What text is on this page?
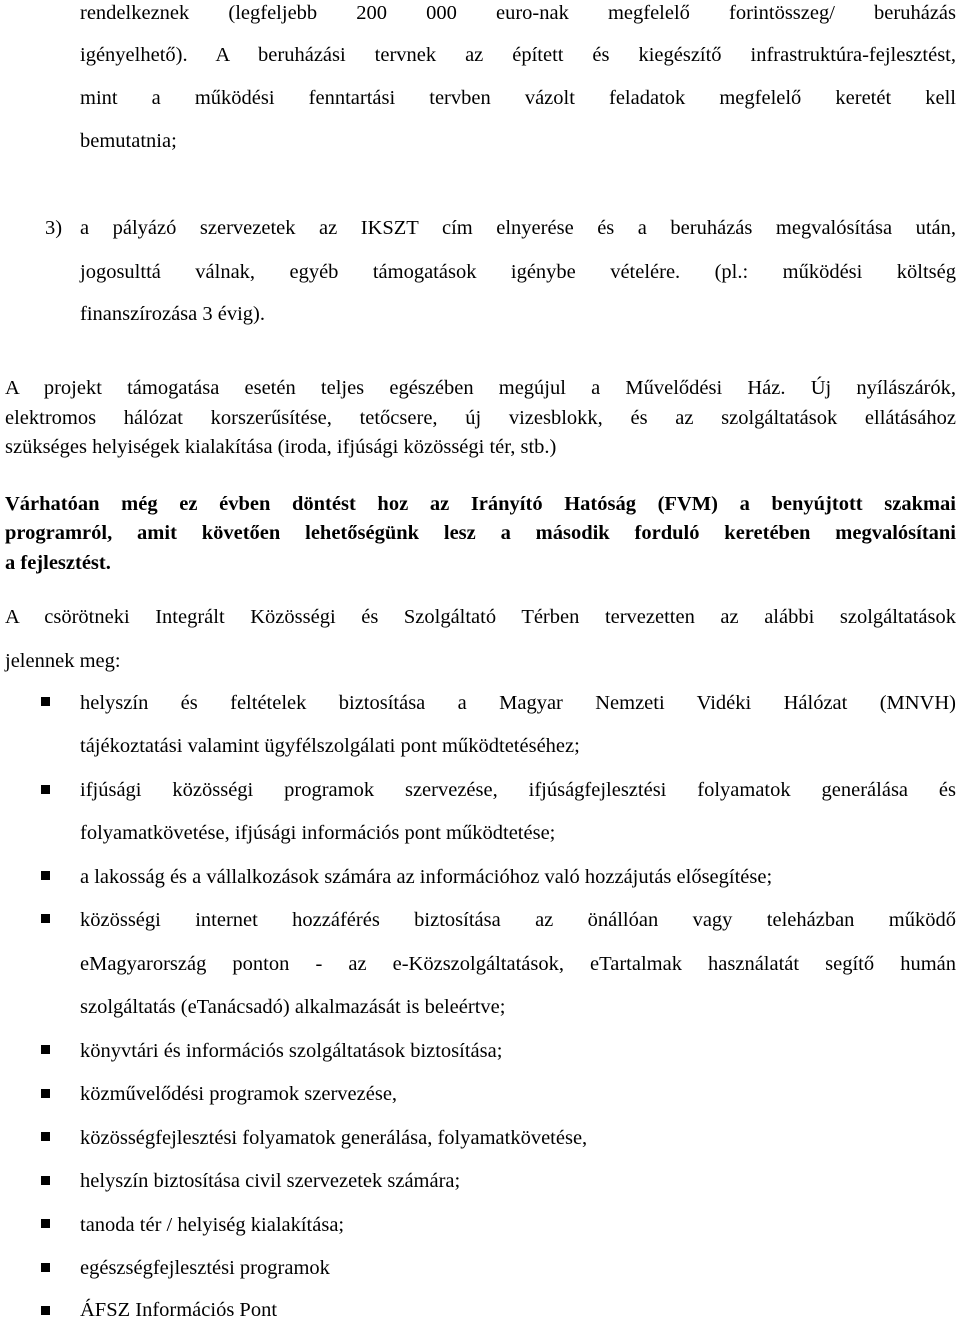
rendelkeznek (legfeljebb 200 000 euro-nak megfelelő forintösszeg/ beruházás
igényelhető). A beruházási tervnek az épített és kiegészítő infrastruktúra-fejlesztést,
mint a működési fenntartási tervben vázolt feladatok megfelelő keretét kell
bemutatnia;
3) a pályázó szervezetek az IKSZT cím elnyerése és a beruházás megvalósítása után,
jogosulttá válnak, egyéb támogatások igénybe vételére. (pl.: működési költség
finanszírozása 3 évig).
A projekt támogatása esetén teljes egészében megújul a Művelődési Ház. Új nyílászárók,
elektromos hálózat korszerűsítése, tetőcsere, új vizesblokk, és az szolgáltatások ellátásához
szükséges helyiségek kialakítása (iroda, ifjúsági közösségi tér, stb.)
Várhatóan még ez évben döntést hoz az Irányító Hatóság (FVM) a benyújtott szakmai
programról, amit követően lehetőségünk lesz a második forduló keretében megvalósítani
a fejlesztést.
A csörötneki Integrált Közösségi és Szolgáltató Térben tervezetten az alábbi szolgáltatások
jelennek meg:
helyszín és feltételek biztosítása a Magyar Nemzeti Vidéki Hálózat (MNVH)
tájékoztatási valamint ügyfélszolgálati pont működtetéséhez;
ifjúsági közösségi programok szervezése, ifjúságfejlesztési folyamatok generálása és
folyamatkövetése, ifjúsági információs pont működtetése;
a lakosság és a vállalkozások számára az információhoz való hozzájutás elősegítése;
közösségi internet hozzáférés biztosítása az önállóan vagy teleházban működő
eMagyarország ponton - az e-Közszolgáltatások, eTartalmak használatát segítő humán
szolgáltatás (eTanácsadó) alkalmazását is beleértve;
könyvtári és információs szolgáltatások biztosítása;
közművelődési programok szervezése,
közösségfejlesztési folyamatok generálása, folyamatkövetése,
helyszín biztosítása civil szervezetek számára;
tanoda tér / helyiség kialakítása;
egészségfejlesztési programok
ÁFSZ Információs Pont
